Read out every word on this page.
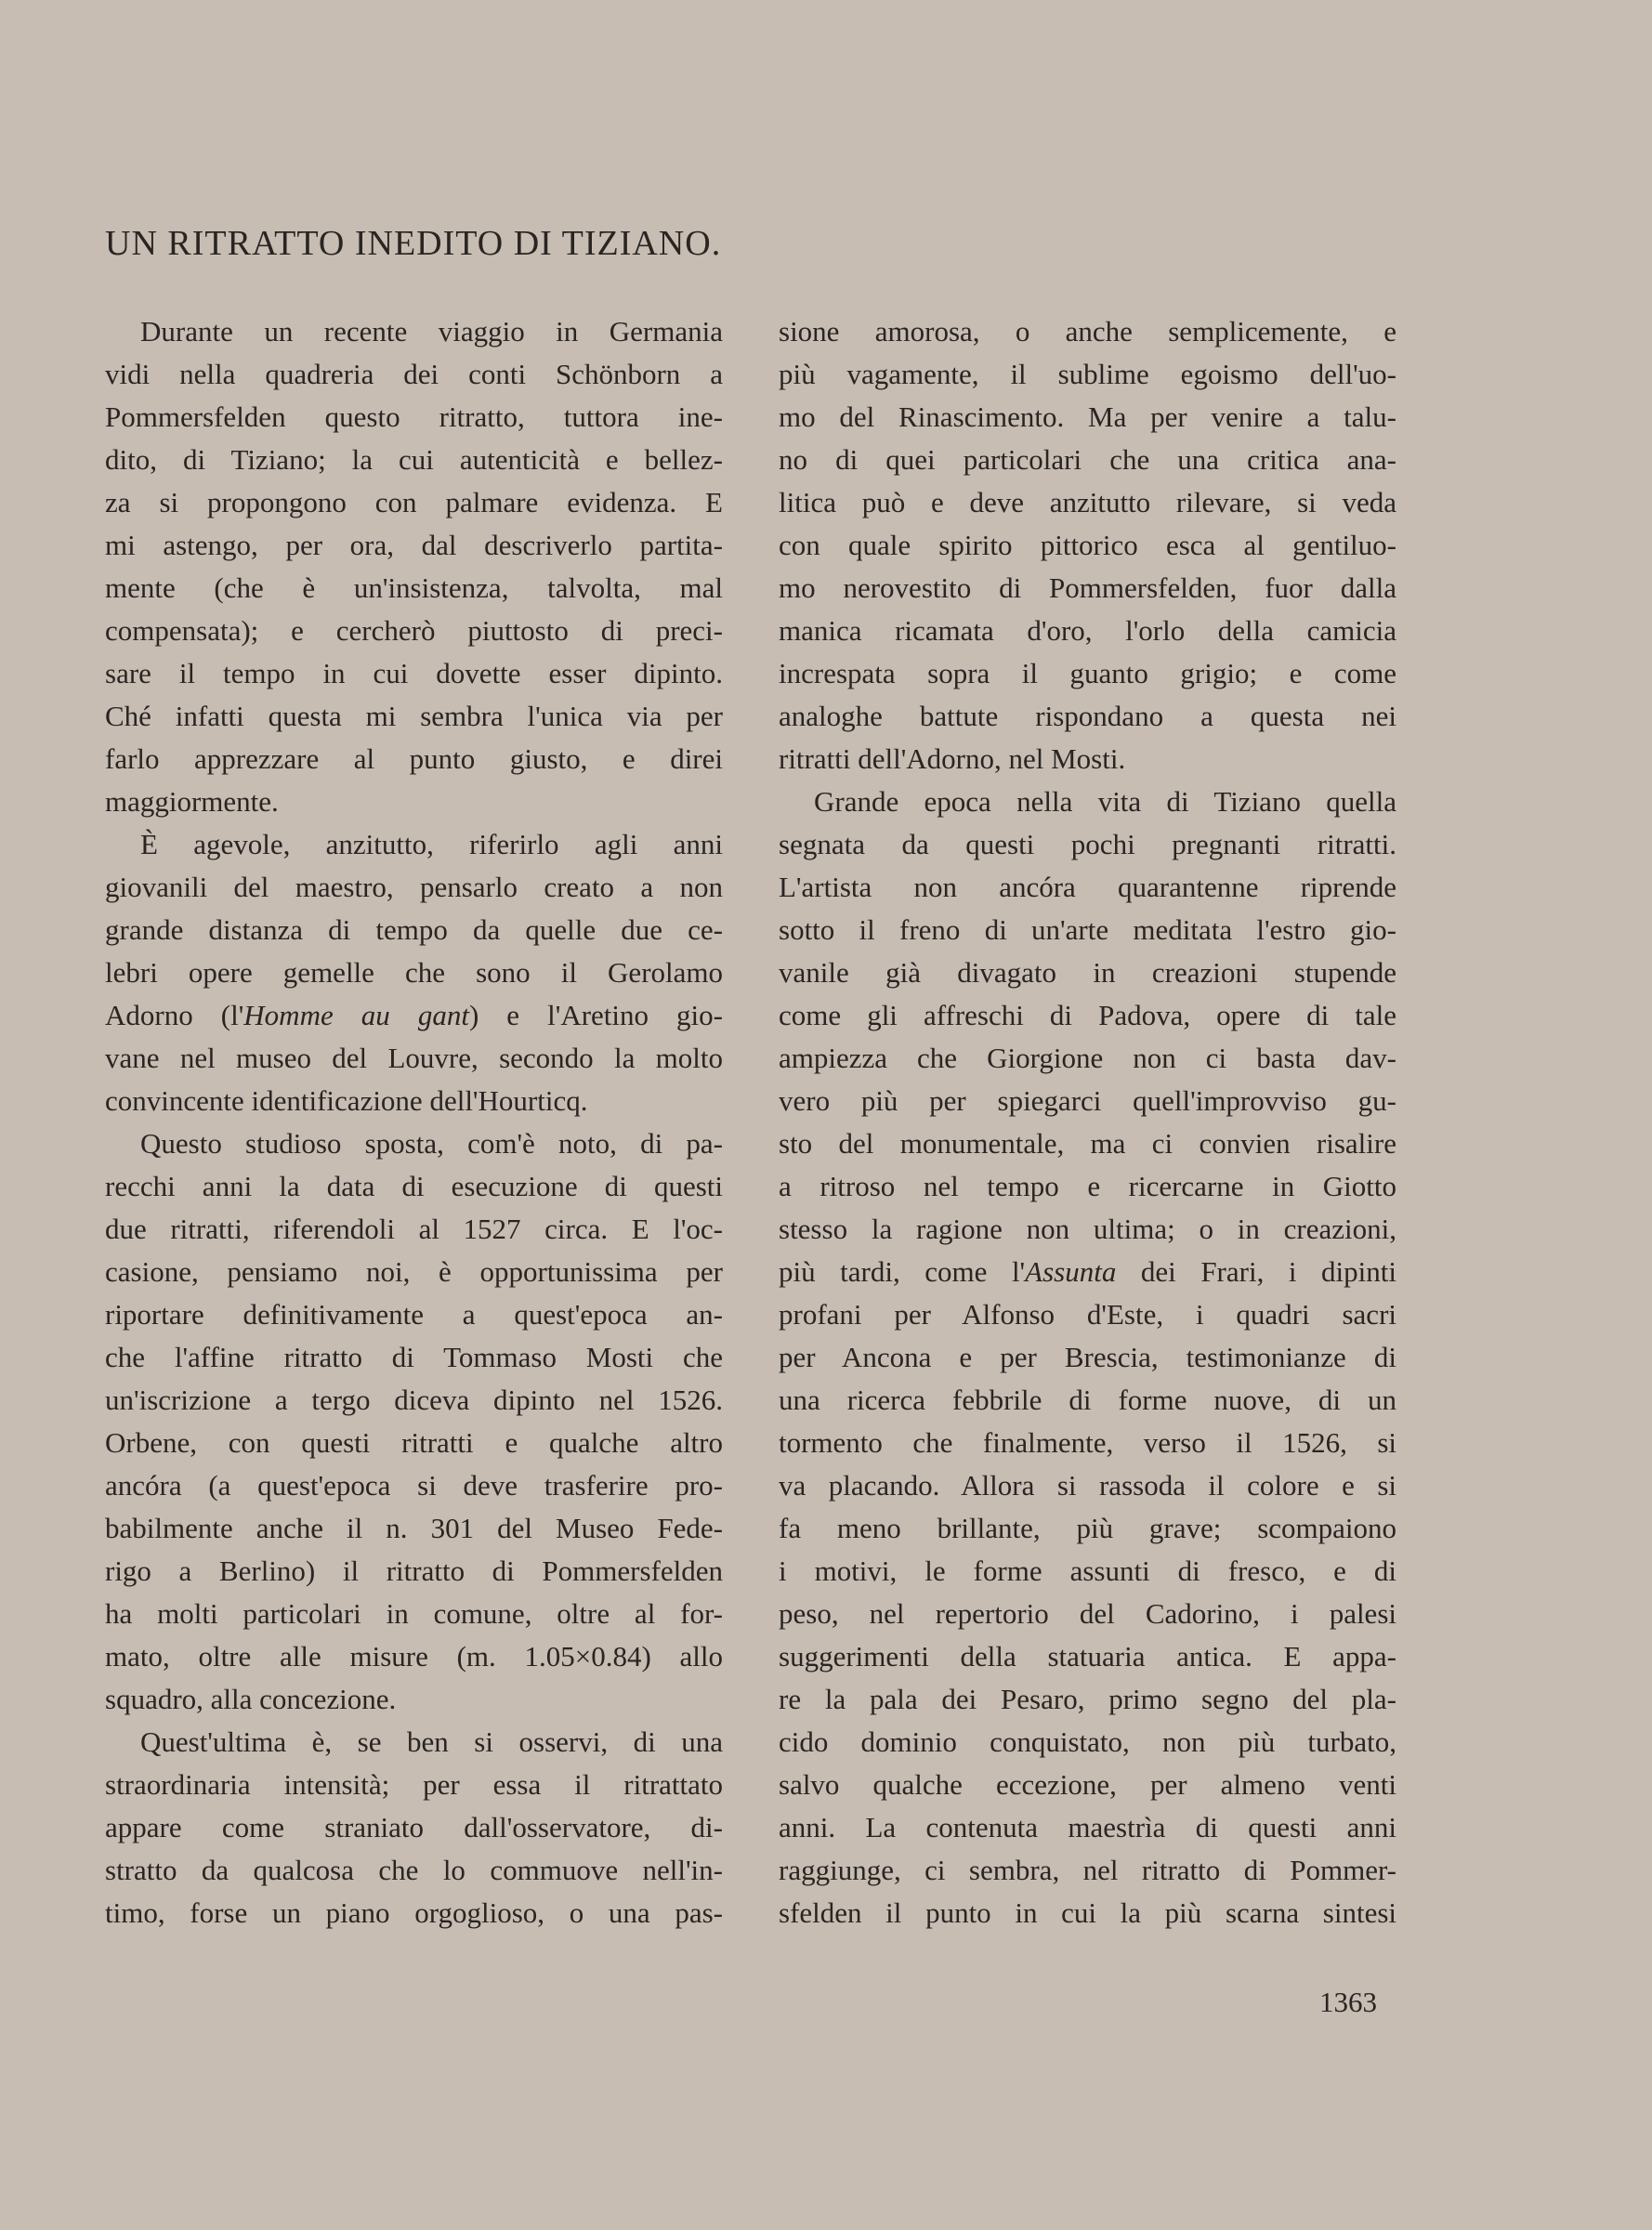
UN RITRATTO INEDITO DI TIZIANO.
Durante un recente viaggio in Germania
vidi nella quadreria dei conti Schönborn a
Pommersfelden questo ritratto, tuttora ine-
dito, di Tiziano; la cui autenticità e bellez-
za si propongono con palmare evidenza. E
mi astengo, per ora, dal descriverlo partita-
mente (che è un'insistenza, talvolta, mal
compensata); e cercherò piuttosto di preci-
sare il tempo in cui dovette esser dipinto.
Ché infatti questa mi sembra l'unica via per
farlo apprezzare al punto giusto, e direi
maggiormente.
È agevole, anzitutto, riferirlo agli anni
giovanili del maestro, pensarlo creato a non
grande distanza di tempo da quelle due ce-
lebri opere gemelle che sono il Gerolamo
Adorno (l'Homme au gant) e l'Aretino gio-
vane nel museo del Louvre, secondo la molto
convincente identificazione dell'Hourticq.
Questo studioso sposta, com'è noto, di pa-
recchi anni la data di esecuzione di questi
due ritratti, riferendoli al 1527 circa. E l'oc-
casione, pensiamo noi, è opportunissima per
riportare definitivamente a quest'epoca an-
che l'affine ritratto di Tommaso Mosti che
un'iscrizione a tergo diceva dipinto nel 1526.
Orbene, con questi ritratti e qualche altro
ancóra (a quest'epoca si deve trasferire pro-
babilmente anche il n. 301 del Museo Fede-
rigo a Berlino) il ritratto di Pommersfelden
ha molti particolari in comune, oltre al for-
mato, oltre alle misure (m. 1.05×0.84) allo
squadro, alla concezione.
Quest'ultima è, se ben si osservi, di una
straordinaria intensità; per essa il ritrattato
appare come straniato dall'osservatore, di-
stratto da qualcosa che lo commuove nell'in-
timo, forse un piano orgoglioso, o una pas-
sione amorosa, o anche semplicemente, e
più vagamente, il sublime egoismo dell'uo-
mo del Rinascimento. Ma per venire a talu-
no di quei particolari che una critica ana-
litica può e deve anzitutto rilevare, si veda
con quale spirito pittorico esca al gentiluo-
mo nerovestito di Pommersfelden, fuor dalla
manica ricamata d'oro, l'orlo della camicia
increspata sopra il guanto grigio; e come
analoghe battute rispondano a questa nei
ritratti dell'Adorno, nel Mosti.
Grande epoca nella vita di Tiziano quella
segnata da questi pochi pregnanti ritratti.
L'artista non ancóra quarantenne riprende
sotto il freno di un'arte meditata l'estro gio-
vanile già divagato in creazioni stupende
come gli affreschi di Padova, opere di tale
ampiezza che Giorgione non ci basta dav-
vero più per spiegarci quell'improvviso gu-
sto del monumentale, ma ci convien risalire
a ritroso nel tempo e ricercarne in Giotto
stesso la ragione non ultima; o in creazioni,
più tardi, come l'Assunta dei Frari, i dipinti
profani per Alfonso d'Este, i quadri sacri
per Ancona e per Brescia, testimonianze di
una ricerca febbrile di forme nuove, di un
tormento che finalmente, verso il 1526, si
va placando. Allora si rassoda il colore e si
fa meno brillante, più grave; scompaiono
i motivi, le forme assunti di fresco, e di
peso, nel repertorio del Cadorino, i palesi
suggerimenti della statuaria antica. E appa-
re la pala dei Pesaro, primo segno del pla-
cido dominio conquistato, non più turbato,
salvo qualche eccezione, per almeno venti
anni. La contenuta maestrìa di questi anni
raggiunge, ci sembra, nel ritratto di Pommer-
sfelden il punto in cui la più scarna sintesi
1363
